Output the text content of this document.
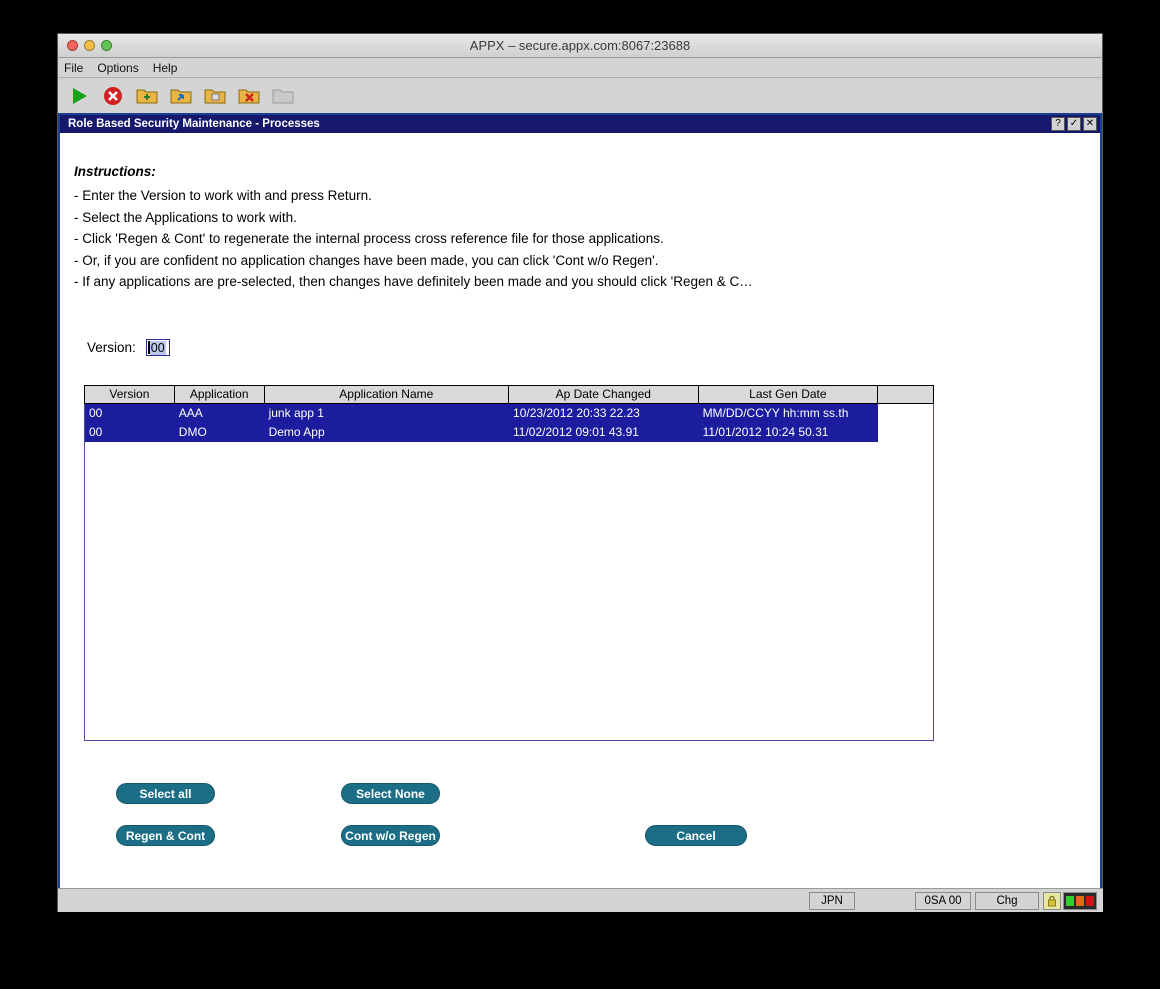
APPX – secure.appx.com:8067:23688
File Options Help
Role Based Security Maintenance - Processes	? ✓ ✕
Instructions:
- Enter the Version to work with and press Return.
- Select the Applications to work with.
- Click 'Regen & Cont' to regenerate the internal process cross reference file for those applications.
- Or, if you are confident no application changes have been made, you can click 'Cont w/o Regen'.
- If any applications are pre-selected, then changes have definitely been made and you should click 'Regen & C…
Version: 00
Version	Application	Application Name	Ap Date Changed	Last Gen Date
00	AAA	junk app 1	10/23/2012 20:33 22.23	MM/DD/CCYY hh:mm ss.th
00	DMO	Demo App	11/02/2012 09:01 43.91	11/01/2012 10:24 50.31
Select all	Select None
Regen & Cont	Cont w/o Regen	Cancel
JPN	0SA 00	Chg
